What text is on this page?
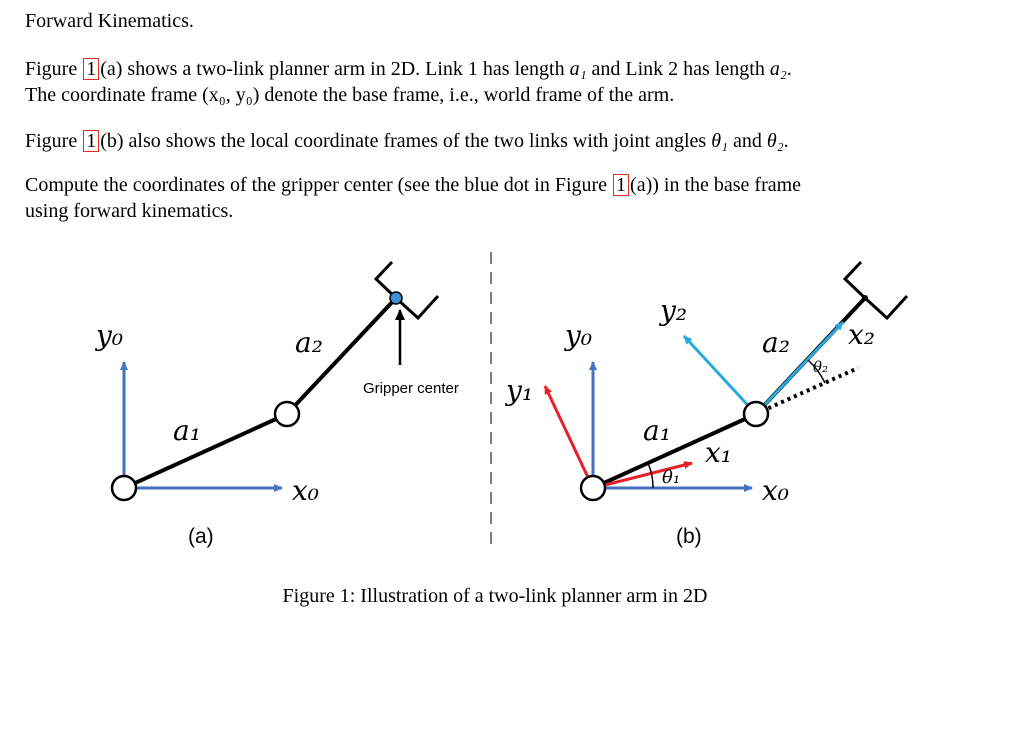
Forward Kinematics.
Figure 1 (a) shows a two-link planner arm in 2D. Link 1 has length a₁ and Link 2 has length a₂.
The coordinate frame (x₀, y₀) denote the base frame, i.e., world frame of the arm.
Figure 1 (b) also shows the local coordinate frames of the two links with joint angles θ₁ and θ₂.
Compute the coordinates of the gripper center (see the blue dot in Figure 1 (a)) in the base frame
using forward kinematics.
y₀
x₀
a₁
a₂
Gripper center
(a)
y₀
x₀
y₁
x₁
y₂
x₂
a₁
a₂
θ₁
θ₂
(b)
Figure 1: Illustration of a two-link planner arm in 2D
